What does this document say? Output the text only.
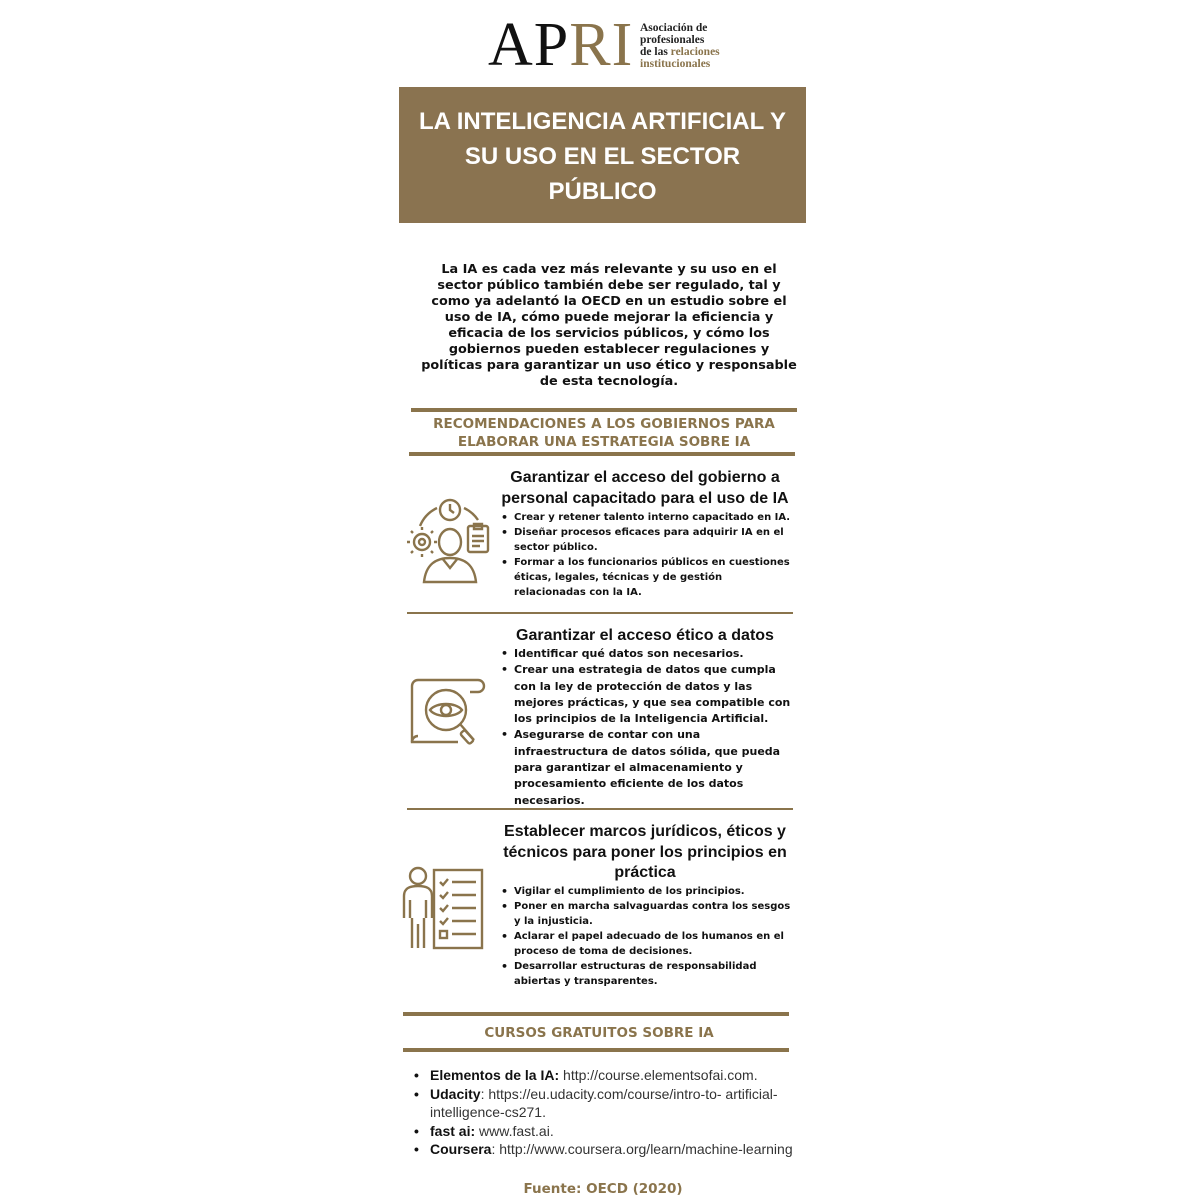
APRI Asociación de
profesionales
de las relaciones
institucionales
LA INTELIGENCIA ARTIFICIAL Y
SU USO EN EL SECTOR
PÚBLICO
La IA es cada vez más relevante y su uso en el sector público también debe ser regulado, tal y como ya adelantó la OECD en un estudio sobre el uso de IA, cómo puede mejorar la eficiencia y eficacia de los servicios públicos, y cómo los gobiernos pueden establecer regulaciones y políticas para garantizar un uso ético y responsable de esta tecnología.
RECOMENDACIONES A LOS GOBIERNOS PARA
ELABORAR UNA ESTRATEGIA SOBRE IA
Garantizar el acceso del gobierno a
personal capacitado para el uso de IA
• Crear y retener talento interno capacitado en IA.
• Diseñar procesos eficaces para adquirir IA en el sector público.
• Formar a los funcionarios públicos en cuestiones éticas, legales, técnicas y de gestión relacionadas con la IA.
Garantizar el acceso ético a datos
• Identificar qué datos son necesarios.
• Crear una estrategia de datos que cumpla con la ley de protección de datos y las mejores prácticas, y que sea compatible con los principios de la Inteligencia Artificial.
• Asegurarse de contar con una infraestructura de datos sólida, que pueda para garantizar el almacenamiento y procesamiento eficiente de los datos necesarios.
Establecer marcos jurídicos, éticos y
técnicos para poner los principios en
práctica
• Vigilar el cumplimiento de los principios.
• Poner en marcha salvaguardas contra los sesgos y la injusticia.
• Aclarar el papel adecuado de los humanos en el proceso de toma de decisiones.
• Desarrollar estructuras de responsabilidad abiertas y transparentes.
CURSOS GRATUITOS SOBRE IA
• Elementos de la IA: http://course.elementsofai.com.
• Udacity: https://eu.udacity.com/course/intro-to- artificial-intelligence-cs271.
• fast ai: www.fast.ai.
• Coursera: http://www.coursera.org/learn/machine-learning
Fuente: OECD (2020)
